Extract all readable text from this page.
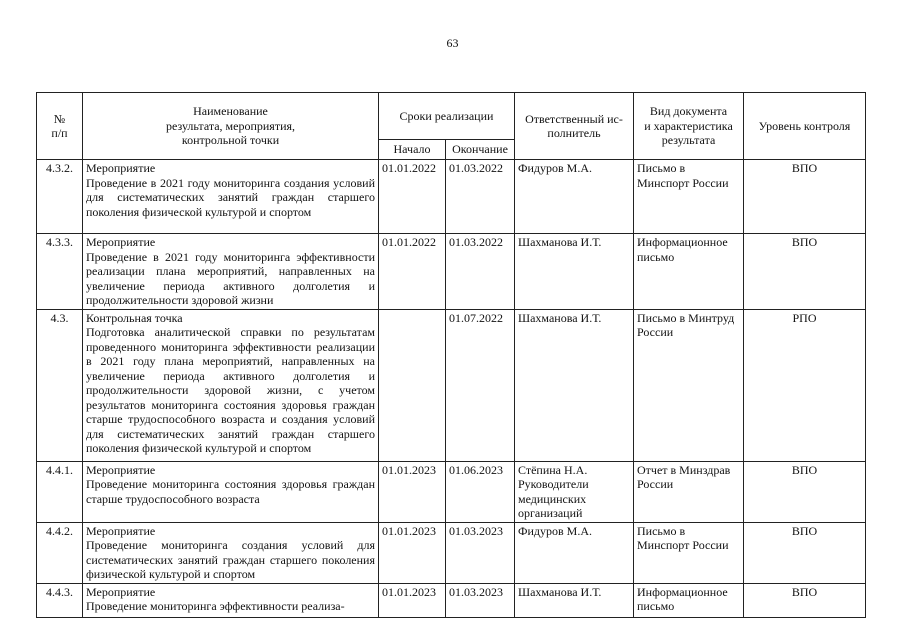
63
№
п/п	Наименование
результата, мероприятия,
контрольной точки	Сроки реализации		Ответственный ис-
полнитель	Вид документа
и характеристика
результата	Уровень контроля
		Начало	Окончание			
4.3.2.	Мероприятие
Проведение в 2021 году мониторинга создания условий для систематических занятий граждан старшего поколения физической культурой и спортом	01.01.2022	01.03.2022	Фидуров М.А.	Письмо в Минспорт России	ВПО
4.3.3.	Мероприятие
Проведение в 2021 году мониторинга эффективности реализации плана мероприятий, направленных на увеличение периода активного долголетия и продолжительности здоровой жизни	01.01.2022	01.03.2022	Шахманова И.Т.	Информационное письмо	ВПО
4.3.	Контрольная точка
Подготовка аналитической справки по результатам проведенного мониторинга эффективности реализации в 2021 году плана мероприятий, направленных на увеличение периода активного долголетия и продолжительности здоровой жизни, с учетом результатов мониторинга состояния здоровья граждан старше трудоспособного возраста и создания условий для систематических занятий граждан старшего поколения физической культурой и спортом		01.07.2022	Шахманова И.Т.	Письмо в Минтруд России	РПО
4.4.1.	Мероприятие
Проведение мониторинга состояния здоровья граждан старше трудоспособного возраста	01.01.2023	01.06.2023	Стёпина Н.А.
Руководители медицинских организаций	Отчет в Минздрав России	ВПО
4.4.2.	Мероприятие
Проведение мониторинга создания условий для систематических занятий граждан старшего поколения физической культурой и спортом	01.01.2023	01.03.2023	Фидуров М.А.	Письмо в Минспорт России	ВПО
4.4.3.	Мероприятие
Проведение мониторинга эффективности реализа-	01.01.2023	01.03.2023	Шахманова И.Т.	Информационное письмо	ВПО
